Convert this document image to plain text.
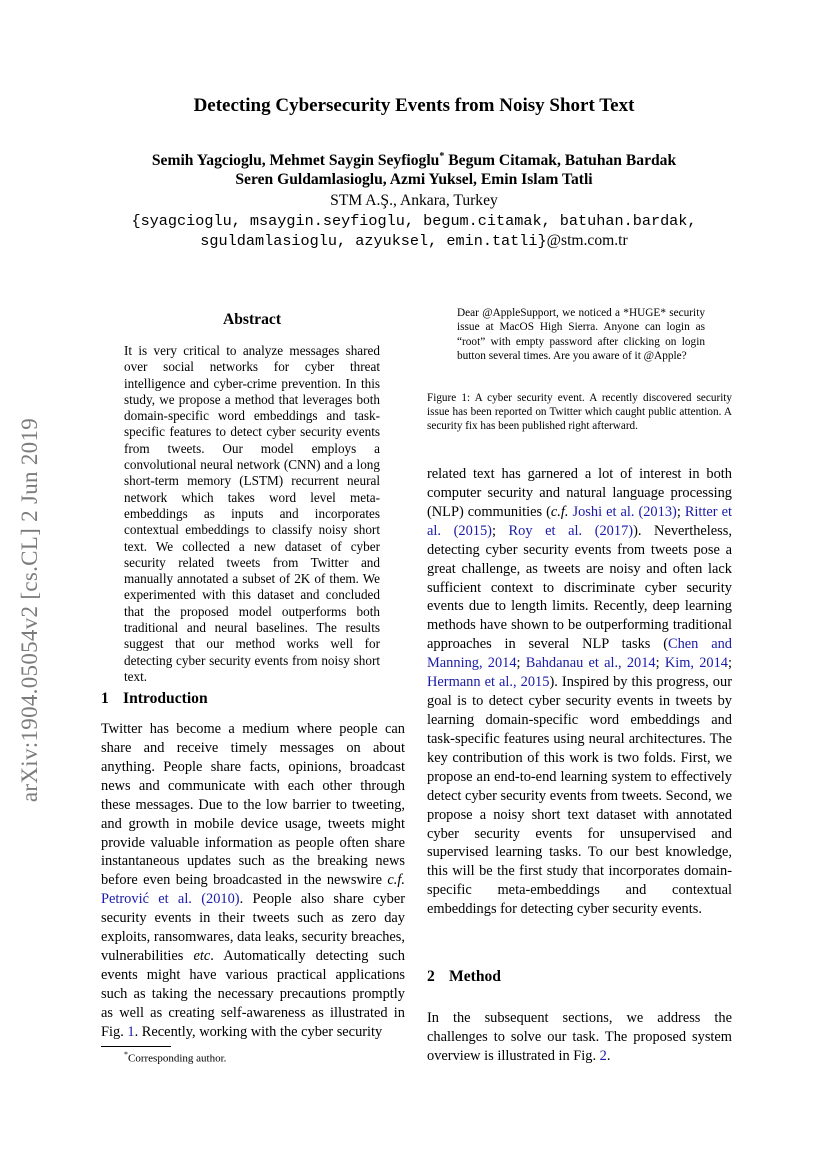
Detecting Cybersecurity Events from Noisy Short Text
Semih Yagcioglu, Mehmet Saygin Seyfioglu* Begum Citamak, Batuhan Bardak
Seren Guldamlasioglu, Azmi Yuksel, Emin Islam Tatli
STM A.Ş., Ankara, Turkey
{syagcioglu, msaygin.seyfioglu, begum.citamak, batuhan.bardak,
sguldamlasioglu, azyuksel, emin.tatli}@stm.com.tr
arXiv:1904.05054v2 [cs.CL] 2 Jun 2019
Abstract
It is very critical to analyze messages shared over social networks for cyber threat intelligence and cyber-crime prevention. In this study, we propose a method that leverages both domain-specific word embeddings and task-specific features to detect cyber security events from tweets. Our model employs a convolutional neural network (CNN) and a long short-term memory (LSTM) recurrent neural network which takes word level meta-embeddings as inputs and incorporates contextual embeddings to classify noisy short text. We collected a new dataset of cyber security related tweets from Twitter and manually annotated a subset of 2K of them. We experimented with this dataset and concluded that the proposed model outperforms both traditional and neural baselines. The results suggest that our method works well for detecting cyber security events from noisy short text.
1 Introduction
Twitter has become a medium where people can share and receive timely messages on about anything. People share facts, opinions, broadcast news and communicate with each other through these messages. Due to the low barrier to tweeting, and growth in mobile device usage, tweets might provide valuable information as people often share instantaneous updates such as the breaking news before even being broadcasted in the newswire c.f. Petrović et al. (2010). People also share cyber security events in their tweets such as zero day exploits, ransomwares, data leaks, security breaches, vulnerabilities etc. Automatically detecting such events might have various practical applications such as taking the necessary precautions promptly as well as creating self-awareness as illustrated in Fig. 1. Recently, working with the cyber security
*Corresponding author.
Dear @AppleSupport, we noticed a *HUGE* security issue at MacOS High Sierra. Anyone can login as “root” with empty password after clicking on login button several times. Are you aware of it @Apple?
Figure 1: A cyber security event. A recently discovered security issue has been reported on Twitter which caught public attention. A security fix has been published right afterward.
related text has garnered a lot of interest in both computer security and natural language processing (NLP) communities (c.f. Joshi et al. (2013); Ritter et al. (2015); Roy et al. (2017)). Nevertheless, detecting cyber security events from tweets pose a great challenge, as tweets are noisy and often lack sufficient context to discriminate cyber security events due to length limits. Recently, deep learning methods have shown to be outperforming traditional approaches in several NLP tasks (Chen and Manning, 2014; Bahdanau et al., 2014; Kim, 2014; Hermann et al., 2015). Inspired by this progress, our goal is to detect cyber security events in tweets by learning domain-specific word embeddings and task-specific features using neural architectures. The key contribution of this work is two folds. First, we propose an end-to-end learning system to effectively detect cyber security events from tweets. Second, we propose a noisy short text dataset with annotated cyber security events for unsupervised and supervised learning tasks. To our best knowledge, this will be the first study that incorporates domain-specific meta-embeddings and contextual embeddings for detecting cyber security events.
2 Method
In the subsequent sections, we address the challenges to solve our task. The proposed system overview is illustrated in Fig. 2.
